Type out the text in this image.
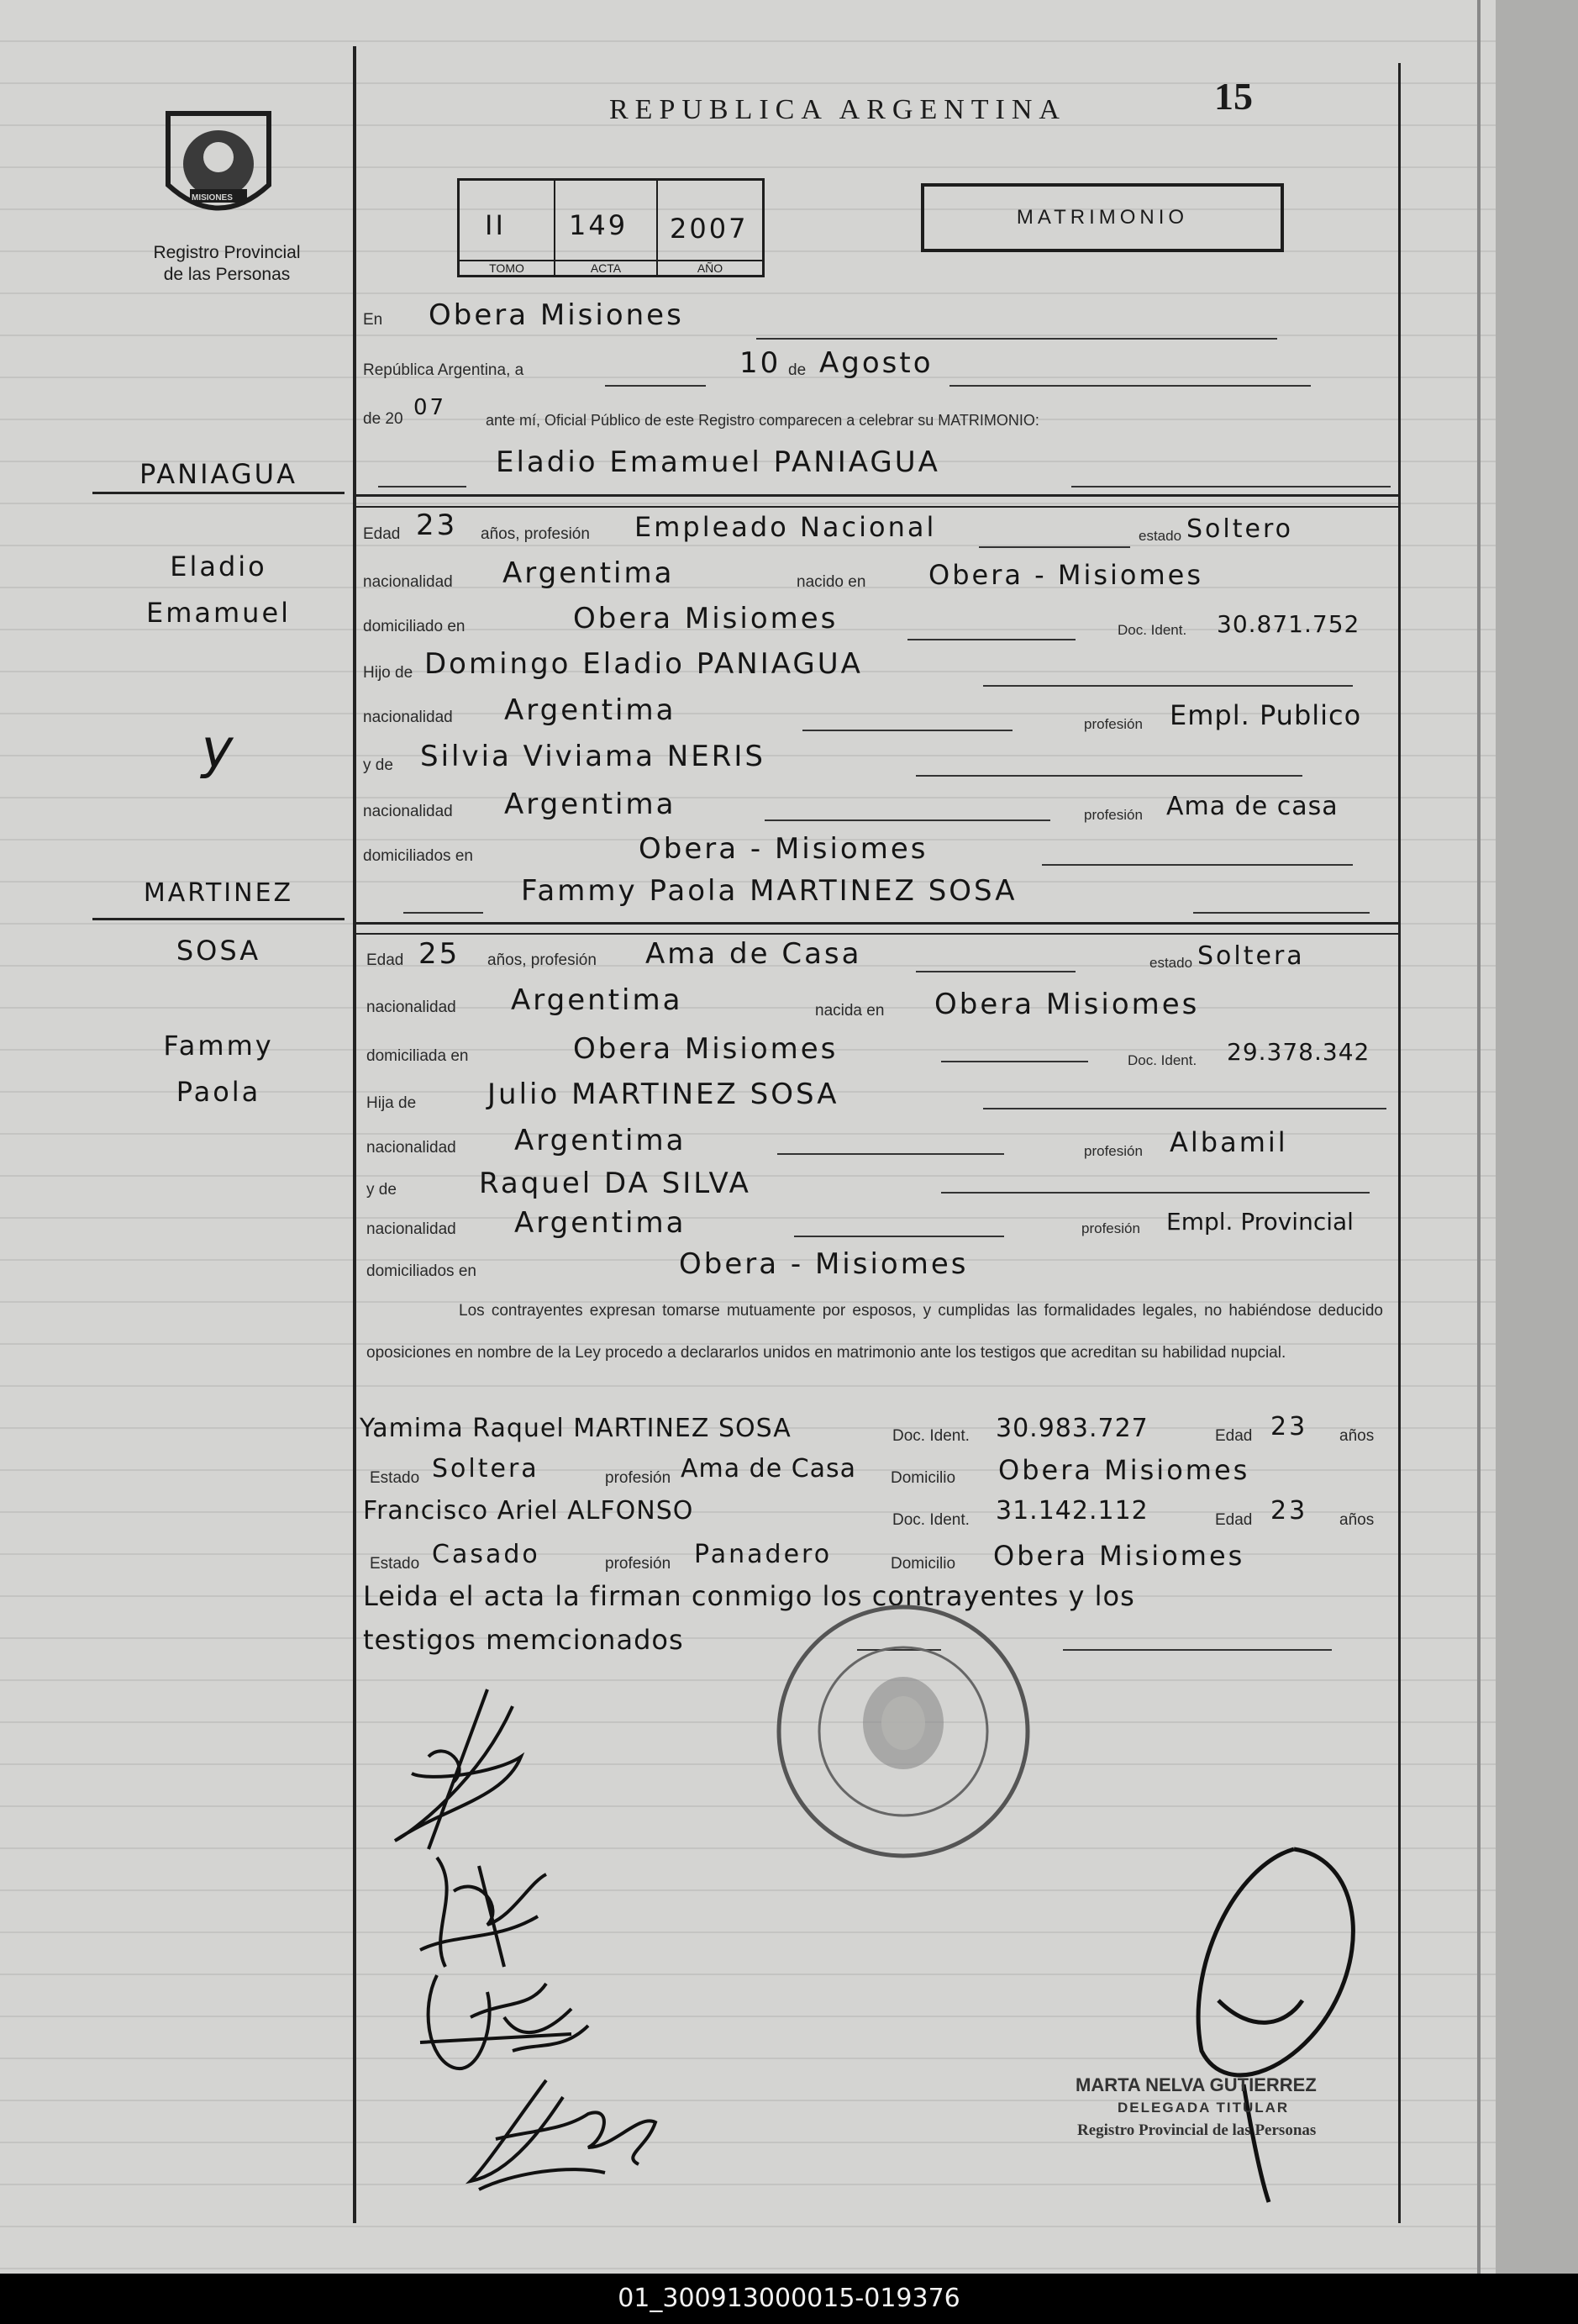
MISIONES
Registro Provincial
de las Personas
REPUBLICA ARGENTINA	15
II
TOMO
149
ACTA
2007
AÑO
MATRIMONIO
En Obera Misiones
República Argentina, a	10 de Agosto
de 20 07	ante mí, Oficial Público de este Registro comparecen a celebrar su MATRIMONIO:
PANIAGUA
Eladio
Emamuel
y
MARTINEZ
SOSA
Fammy
Paola
Eladio Emamuel PANIAGUA
Edad 23 años, profesión Empleado Nacional	estado Soltero
nacionalidad Argentima	nacido en Obera - Misiomes
domiciliado en	Obera Misiomes	Doc. Ident. 30.871.752
Hijo de Domingo Eladio PANIAGUA
nacionalidad Argentima	profesión Empl. Publico
y de Silvia Viviama NERIS
nacionalidad Argentima	profesión Ama de casa
domiciliados en	Obera - Misiomes
Fammy Paola MARTINEZ SOSA
Edad 25 años, profesión Ama de Casa	estado Soltera
nacionalidad Argentima	nacida en Obera Misiomes
domiciliada en	Obera Misiomes	Doc. Ident. 29.378.342
Hija de Julio MARTINEZ SOSA
nacionalidad Argentima	profesión Albamil
y de	Raquel DA SILVA
nacionalidad Argentima	profesión Empl. Provincial
domiciliados en	Obera - Misiomes
Los contrayentes expresan tomarse mutuamente por esposos, y cumplidas las formalidades legales, no habiéndose deducido oposiciones en nombre de la Ley procedo a declararlos unidos en matrimonio ante los testigos que acreditan su habilidad nupcial.
Yamima Raquel MARTINEZ SOSA	Doc. Ident. 30.983.727	Edad 23 años
Estado Soltera	profesión Ama de Casa Domicilio Obera Misiomes
Francisco Ariel ALFONSO	Doc. Ident. 31.142.112	Edad 23 años
Estado Casado	profesión Panadero	Domicilio Obera Misiomes
Leida el acta la firman conmigo los contrayentes y los
testigos memcionados
MARTA NELVA GUTIERREZ
DELEGADA TITULAR
Registro Provincial de las Personas
01_300913000015-019376
